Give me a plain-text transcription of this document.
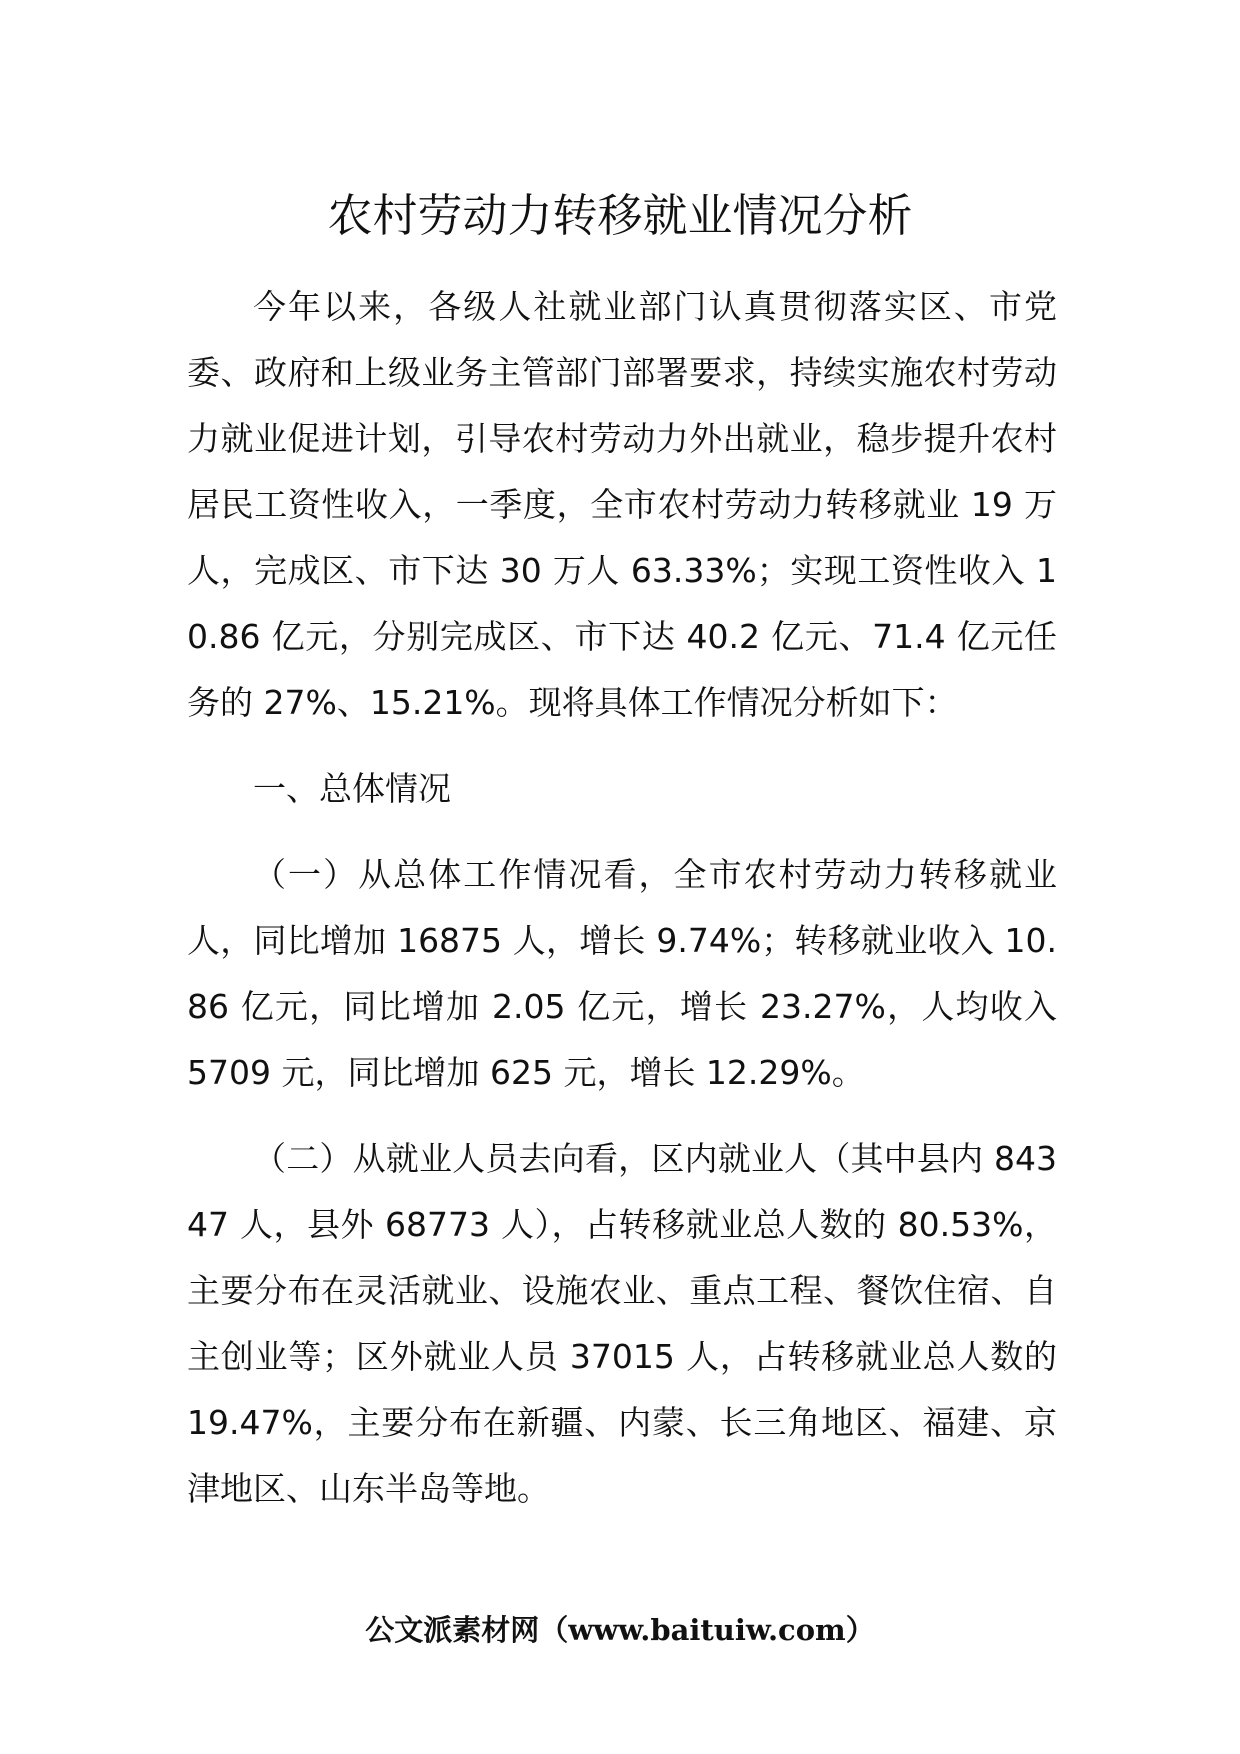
农村劳动力转移就业情况分析

今年以来，各级人社就业部门认真贯彻落实区、市党委、政府和上级业务主管部门部署要求，持续实施农村劳动力就业促进计划，引导农村劳动力外出就业，稳步提升农村居民工资性收入，一季度，全市农村劳动力转移就业 19 万人，完成区、市下达 30 万人 63.33%；实现工资性收入 10.86 亿元，分别完成区、市下达 40.2 亿元、71.4 亿元任务的 27%、15.21%。现将具体工作情况分析如下：

一、总体情况

（一）从总体工作情况看，全市农村劳动力转移就业人，同比增加 16875 人，增长 9.74%；转移就业收入 10.86 亿元，同比增加 2.05 亿元，增长 23.27%，人均收入 5709 元，同比增加 625 元，增长 12.29%。

（二）从就业人员去向看，区内就业人（其中县内 84347 人，县外 68773 人），占转移就业总人数的 80.53%，主要分布在灵活就业、设施农业、重点工程、餐饮住宿、自主创业等；区外就业人员 37015 人，占转移就业总人数的 19.47%，主要分布在新疆、内蒙、长三角地区、福建、京津地区、山东半岛等地。

公文派素材网（www.baituiw.com）
